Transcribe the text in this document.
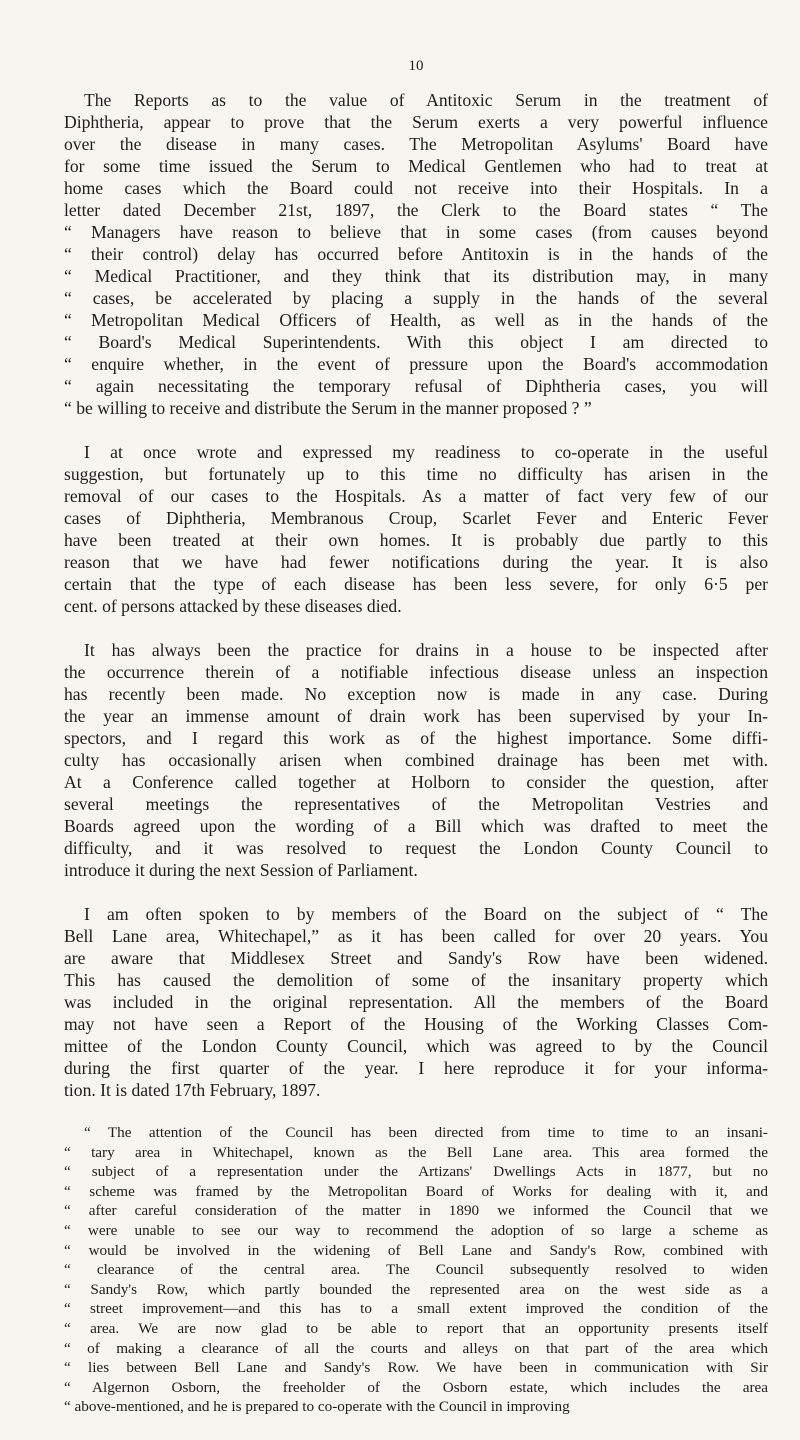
10
The Reports as to the value of Antitoxic Serum in the treatment of
Diphtheria, appear to prove that the Serum exerts a very powerful influence
over the disease in many cases. The Metropolitan Asylums' Board have
for some time issued the Serum to Medical Gentlemen who had to treat at
home cases which the Board could not receive into their Hospitals. In a
letter dated December 21st, 1897, the Clerk to the Board states “ The
“ Managers have reason to believe that in some cases (from causes beyond
“ their control) delay has occurred before Antitoxin is in the hands of the
“ Medical Practitioner, and they think that its distribution may, in many
“ cases, be accelerated by placing a supply in the hands of the several
“ Metropolitan Medical Officers of Health, as well as in the hands of the
“ Board's Medical Superintendents. With this object I am directed to
“ enquire whether, in the event of pressure upon the Board's accommodation
“ again necessitating the temporary refusal of Diphtheria cases, you will
“ be willing to receive and distribute the Serum in the manner proposed ? ”
I at once wrote and expressed my readiness to co-operate in the useful
suggestion, but fortunately up to this time no difficulty has arisen in the
removal of our cases to the Hospitals. As a matter of fact very few of our
cases of Diphtheria, Membranous Croup, Scarlet Fever and Enteric Fever
have been treated at their own homes. It is probably due partly to this
reason that we have had fewer notifications during the year. It is also
certain that the type of each disease has been less severe, for only 6·5 per
cent. of persons attacked by these diseases died.
It has always been the practice for drains in a house to be inspected after
the occurrence therein of a notifiable infectious disease unless an inspection
has recently been made. No exception now is made in any case. During
the year an immense amount of drain work has been supervised by your In-
spectors, and I regard this work as of the highest importance. Some diffi-
culty has occasionally arisen when combined drainage has been met with.
At a Conference called together at Holborn to consider the question, after
several meetings the representatives of the Metropolitan Vestries and
Boards agreed upon the wording of a Bill which was drafted to meet the
difficulty, and it was resolved to request the London County Council to
introduce it during the next Session of Parliament.
I am often spoken to by members of the Board on the subject of “ The
Bell Lane area, Whitechapel,” as it has been called for over 20 years. You
are aware that Middlesex Street and Sandy's Row have been widened.
This has caused the demolition of some of the insanitary property which
was included in the original representation. All the members of the Board
may not have seen a Report of the Housing of the Working Classes Com-
mittee of the London County Council, which was agreed to by the Council
during the first quarter of the year. I here reproduce it for your informa-
tion. It is dated 17th February, 1897.
“ The attention of the Council has been directed from time to time to an insani-
“ tary area in Whitechapel, known as the Bell Lane area. This area formed the
“ subject of a representation under the Artizans' Dwellings Acts in 1877, but no
“ scheme was framed by the Metropolitan Board of Works for dealing with it, and
“ after careful consideration of the matter in 1890 we informed the Council that we
“ were unable to see our way to recommend the adoption of so large a scheme as
“ would be involved in the widening of Bell Lane and Sandy's Row, combined with
“ clearance of the central area. The Council subsequently resolved to widen
“ Sandy's Row, which partly bounded the represented area on the west side as a
“ street improvement—and this has to a small extent improved the condition of the
“ area. We are now glad to be able to report that an opportunity presents itself
“ of making a clearance of all the courts and alleys on that part of the area which
“ lies between Bell Lane and Sandy's Row. We have been in communication with Sir
“ Algernon Osborn, the freeholder of the Osborn estate, which includes the area
“ above-mentioned, and he is prepared to co-operate with the Council in improving
